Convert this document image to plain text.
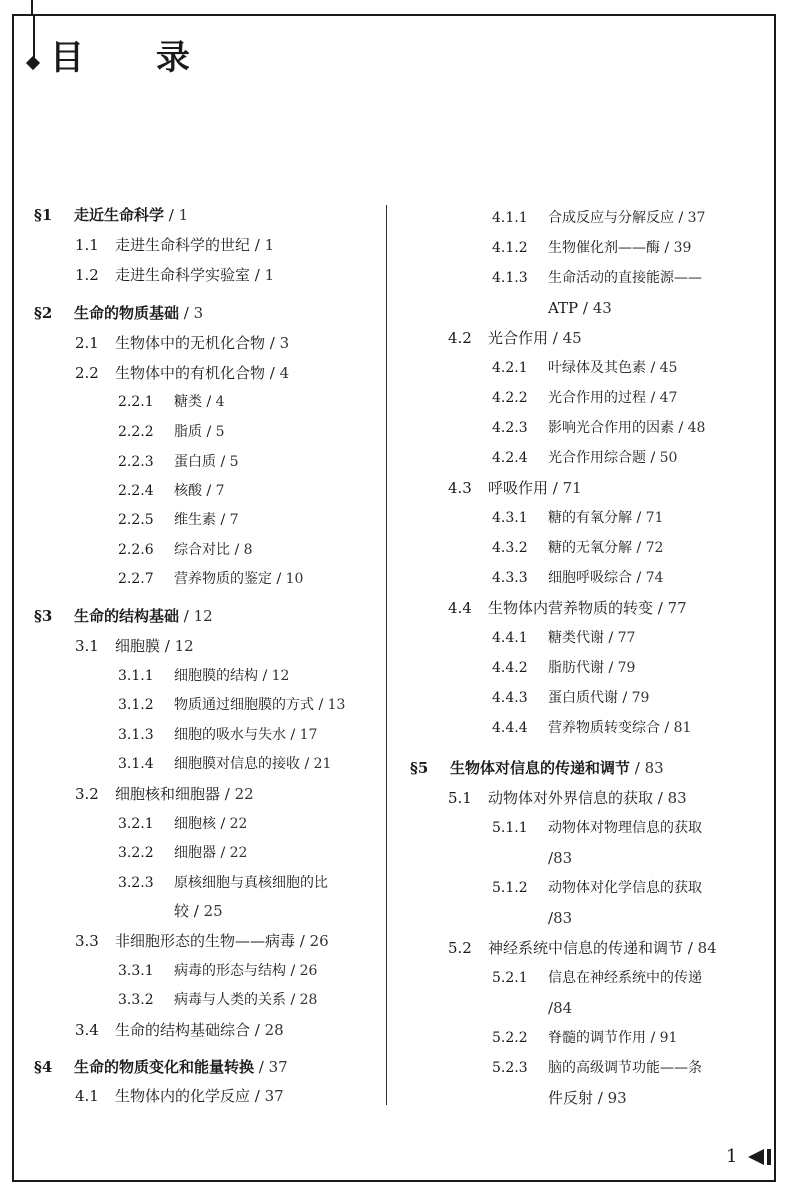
目 录
§1 走近生命科学 / 1
1.1 走进生命科学的世纪 / 1
1.2 走进生命科学实验室 / 1
§2 生命的物质基础 / 3
2.1 生物体中的无机化合物 / 3
2.2 生物体中的有机化合物 / 4
2.2.1 糖类 / 4
2.2.2 脂质 / 5
2.2.3 蛋白质 / 5
2.2.4 核酸 / 7
2.2.5 维生素 / 7
2.2.6 综合对比 / 8
2.2.7 营养物质的鉴定 / 10
§3 生命的结构基础 / 12
3.1 细胞膜 / 12
3.1.1 细胞膜的结构 / 12
3.1.2 物质通过细胞膜的方式 / 13
3.1.3 细胞的吸水与失水 / 17
3.1.4 细胞膜对信息的接收 / 21
3.2 细胞核和细胞器 / 22
3.2.1 细胞核 / 22
3.2.2 细胞器 / 22
3.2.3 原核细胞与真核细胞的比
较 / 25
3.3 非细胞形态的生物——病毒 / 26
3.3.1 病毒的形态与结构 / 26
3.3.2 病毒与人类的关系 / 28
3.4 生命的结构基础综合 / 28
§4 生命的物质变化和能量转换 / 37
4.1 生物体内的化学反应 / 37
4.1.1 合成反应与分解反应 / 37
4.1.2 生物催化剂——酶 / 39
4.1.3 生命活动的直接能源——
ATP / 43
4.2 光合作用 / 45
4.2.1 叶绿体及其色素 / 45
4.2.2 光合作用的过程 / 47
4.2.3 影响光合作用的因素 / 48
4.2.4 光合作用综合题 / 50
4.3 呼吸作用 / 71
4.3.1 糖的有氧分解 / 71
4.3.2 糖的无氧分解 / 72
4.3.3 细胞呼吸综合 / 74
4.4 生物体内营养物质的转变 / 77
4.4.1 糖类代谢 / 77
4.4.2 脂肪代谢 / 79
4.4.3 蛋白质代谢 / 79
4.4.4 营养物质转变综合 / 81
§5 生物体对信息的传递和调节 / 83
5.1 动物体对外界信息的获取 / 83
5.1.1 动物体对物理信息的获取
/83
5.1.2 动物体对化学信息的获取
/83
5.2 神经系统中信息的传递和调节 / 84
5.2.1 信息在神经系统中的传递
/84
5.2.2 脊髓的调节作用 / 91
5.2.3 脑的高级调节功能——条
件反射 / 93
1
